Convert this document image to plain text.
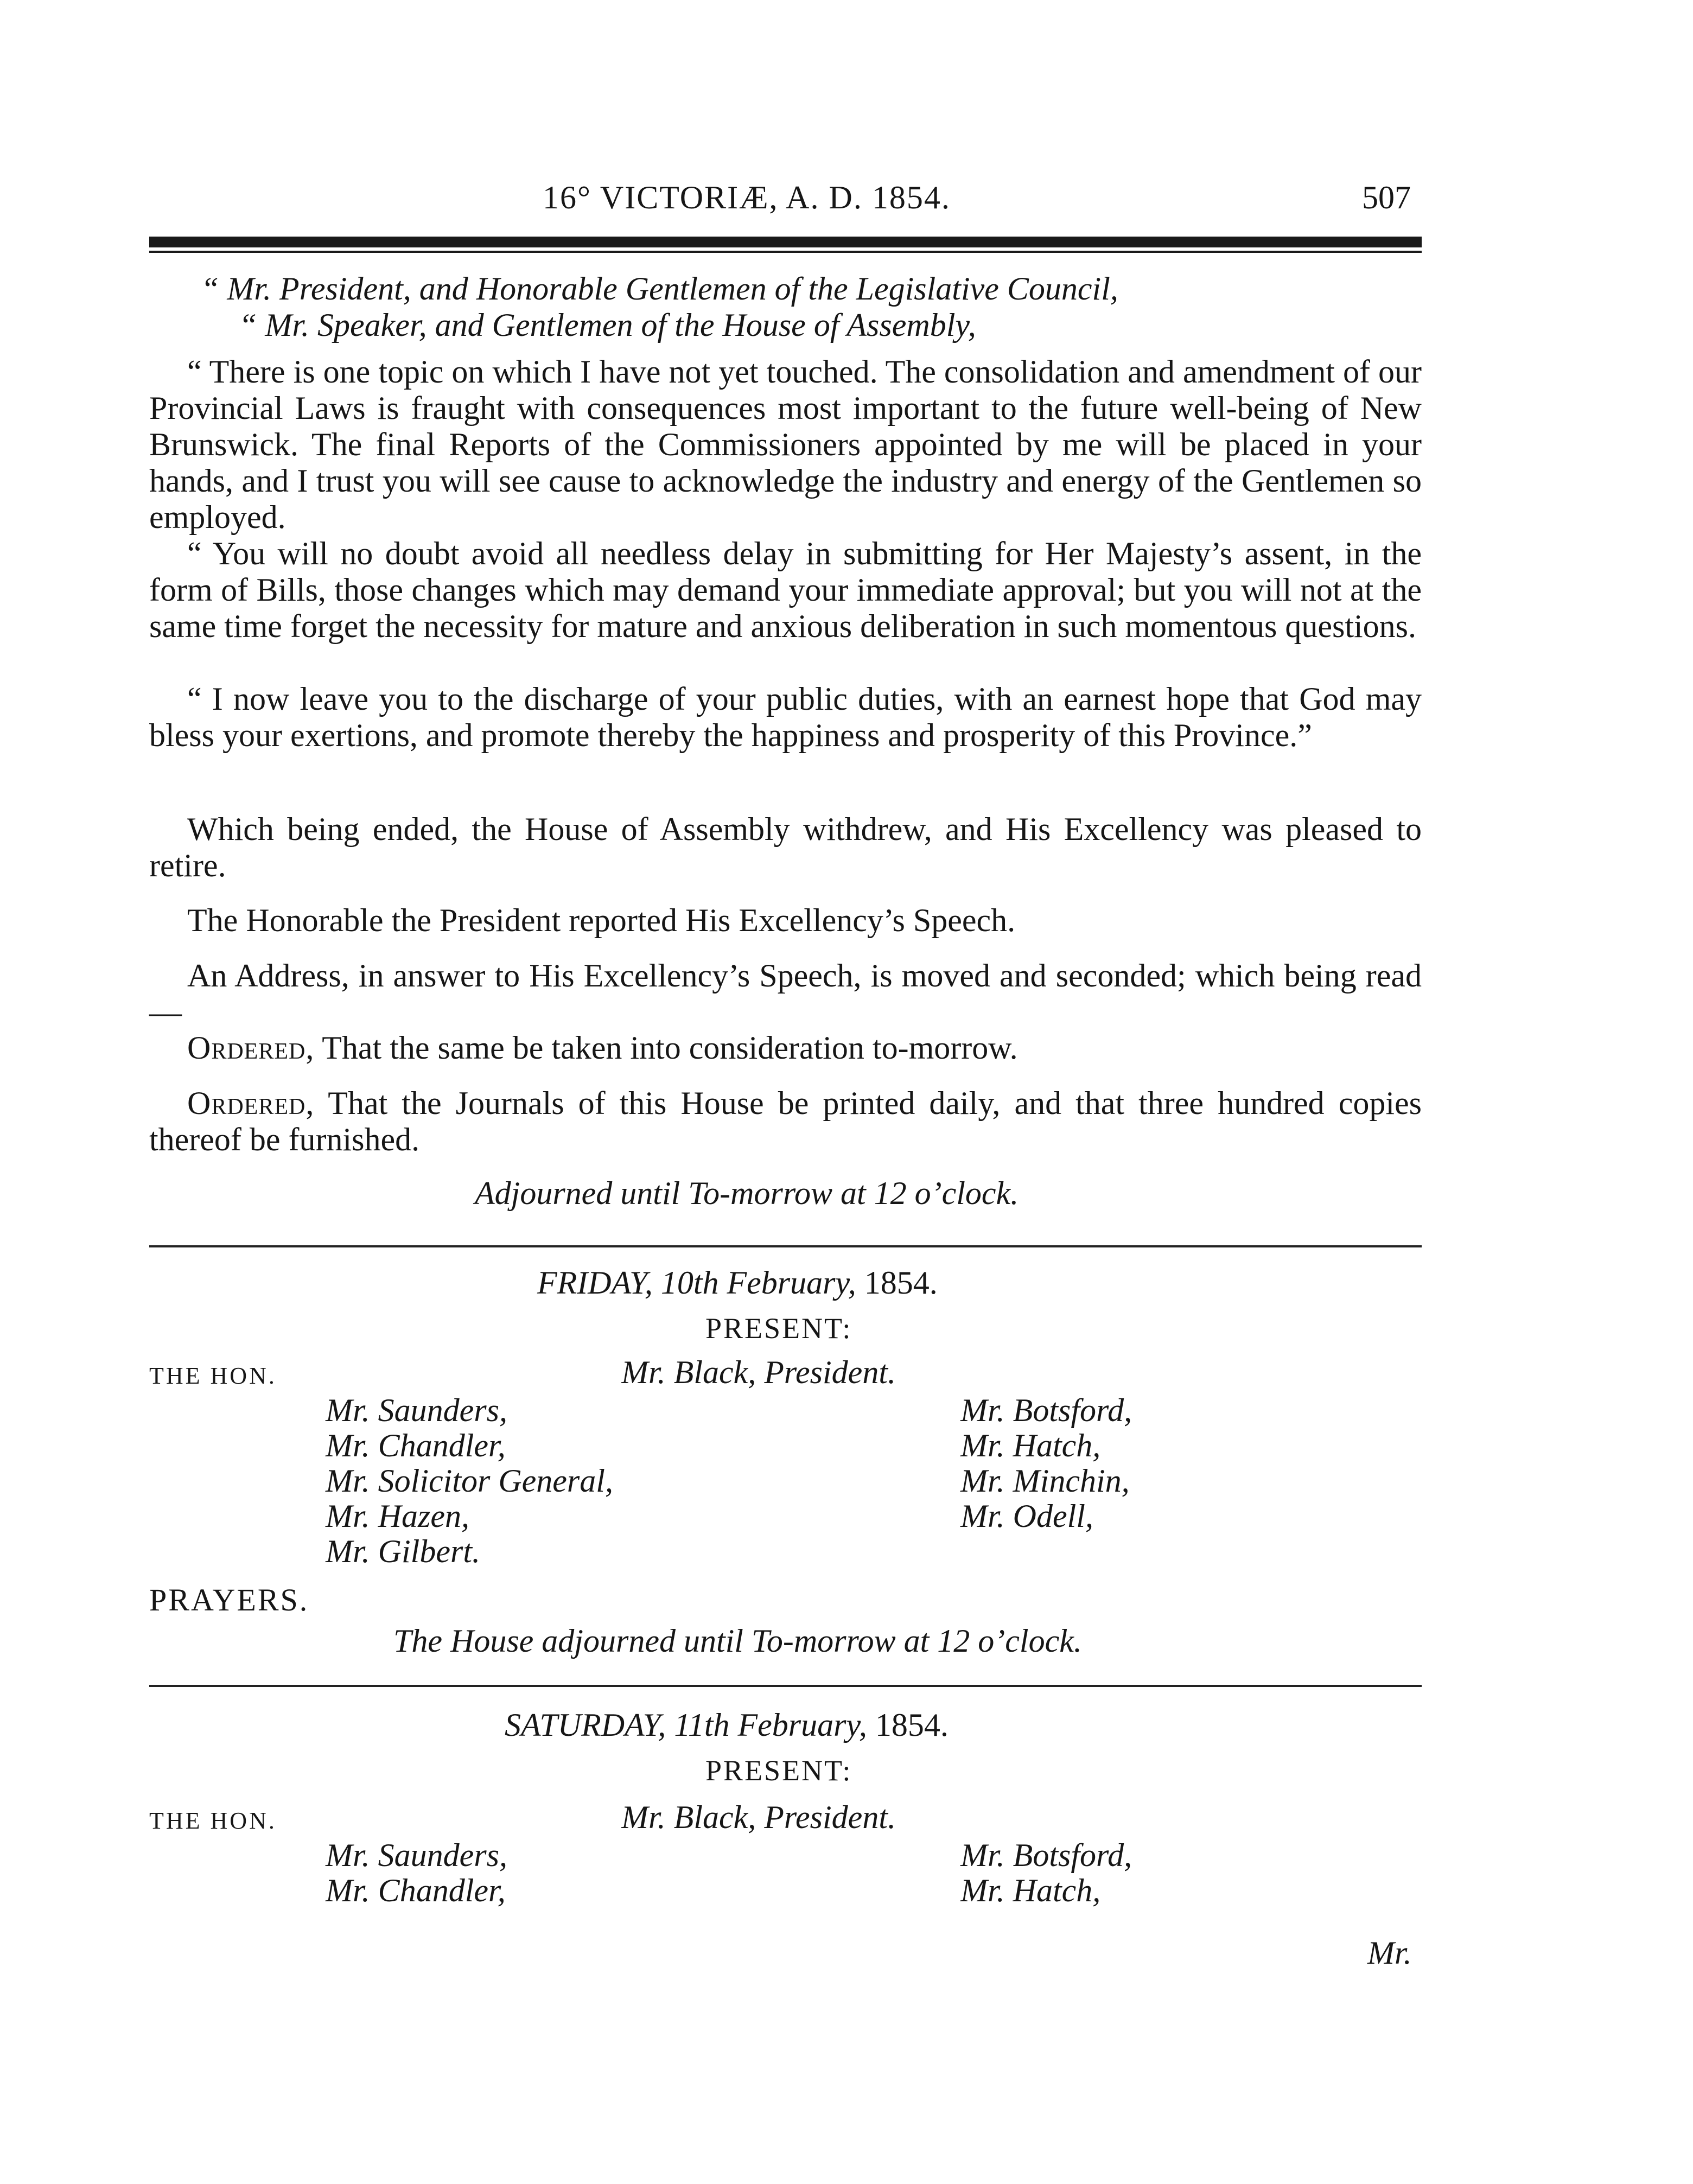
16° VICTORIÆ, A. D. 1854.	507
“ Mr. President, and Honorable Gentlemen of the Legislative Council,
“ Mr. Speaker, and Gentlemen of the House of Assembly,
“ There is one topic on which I have not yet touched. The consolidation and amendment of our Provincial Laws is fraught with consequences most important to the future well-being of New Brunswick. The final Reports of the Commissioners appointed by me will be placed in your hands, and I trust you will see cause to acknowledge the industry and energy of the Gentlemen so employed.
“ You will no doubt avoid all needless delay in submitting for Her Majesty’s assent, in the form of Bills, those changes which may demand your immediate approval; but you will not at the same time forget the necessity for mature and anxious deliberation in such momentous questions.
“ I now leave you to the discharge of your public duties, with an earnest hope that God may bless your exertions, and promote thereby the happiness and prosperity of this Province.”
Which being ended, the House of Assembly withdrew, and His Excellency was pleased to retire.
The Honorable the President reported His Excellency’s Speech.
An Address, in answer to His Excellency’s Speech, is moved and seconded; which being read—
Ordered, That the same be taken into consideration to-morrow.
Ordered, That the Journals of this House be printed daily, and that three hundred copies thereof be furnished.
Adjourned until To-morrow at 12 o’clock.
FRIDAY, 10th February, 1854.
PRESENT:
THE HON.	Mr. Black, President.
Mr. Saunders,
Mr. Chandler,
Mr. Solicitor General,
Mr. Hazen,
Mr. Gilbert.
Mr. Botsford,
Mr. Hatch,
Mr. Minchin,
Mr. Odell,
PRAYERS.
The House adjourned until To-morrow at 12 o’clock.
SATURDAY, 11th February, 1854.
PRESENT:
THE HON.	Mr. Black, President.
Mr. Saunders,
Mr. Chandler,
Mr. Botsford,
Mr. Hatch,
Mr.
